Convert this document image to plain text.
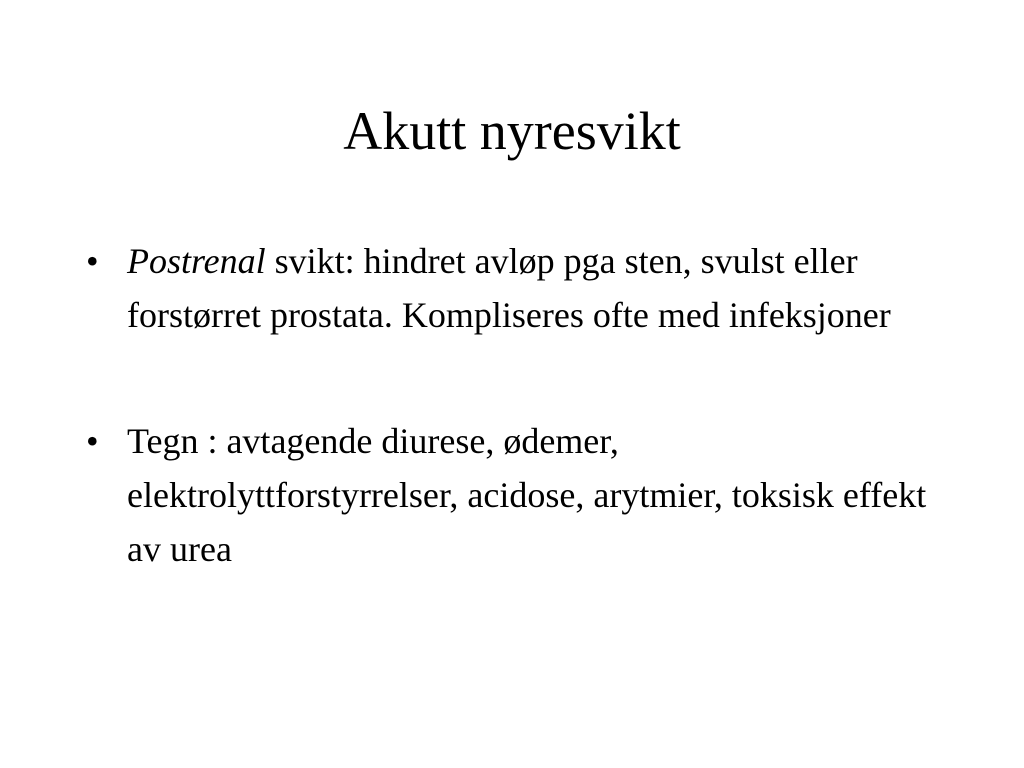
Akutt nyresvikt
• Postrenal svikt: hindret avløp pga sten, svulst eller forstørret prostata. Kompliseres ofte med infeksjoner
• Tegn : avtagende diurese, ødemer, elektrolyttforstyrrelser, acidose, arytmier, toksisk effekt av urea
